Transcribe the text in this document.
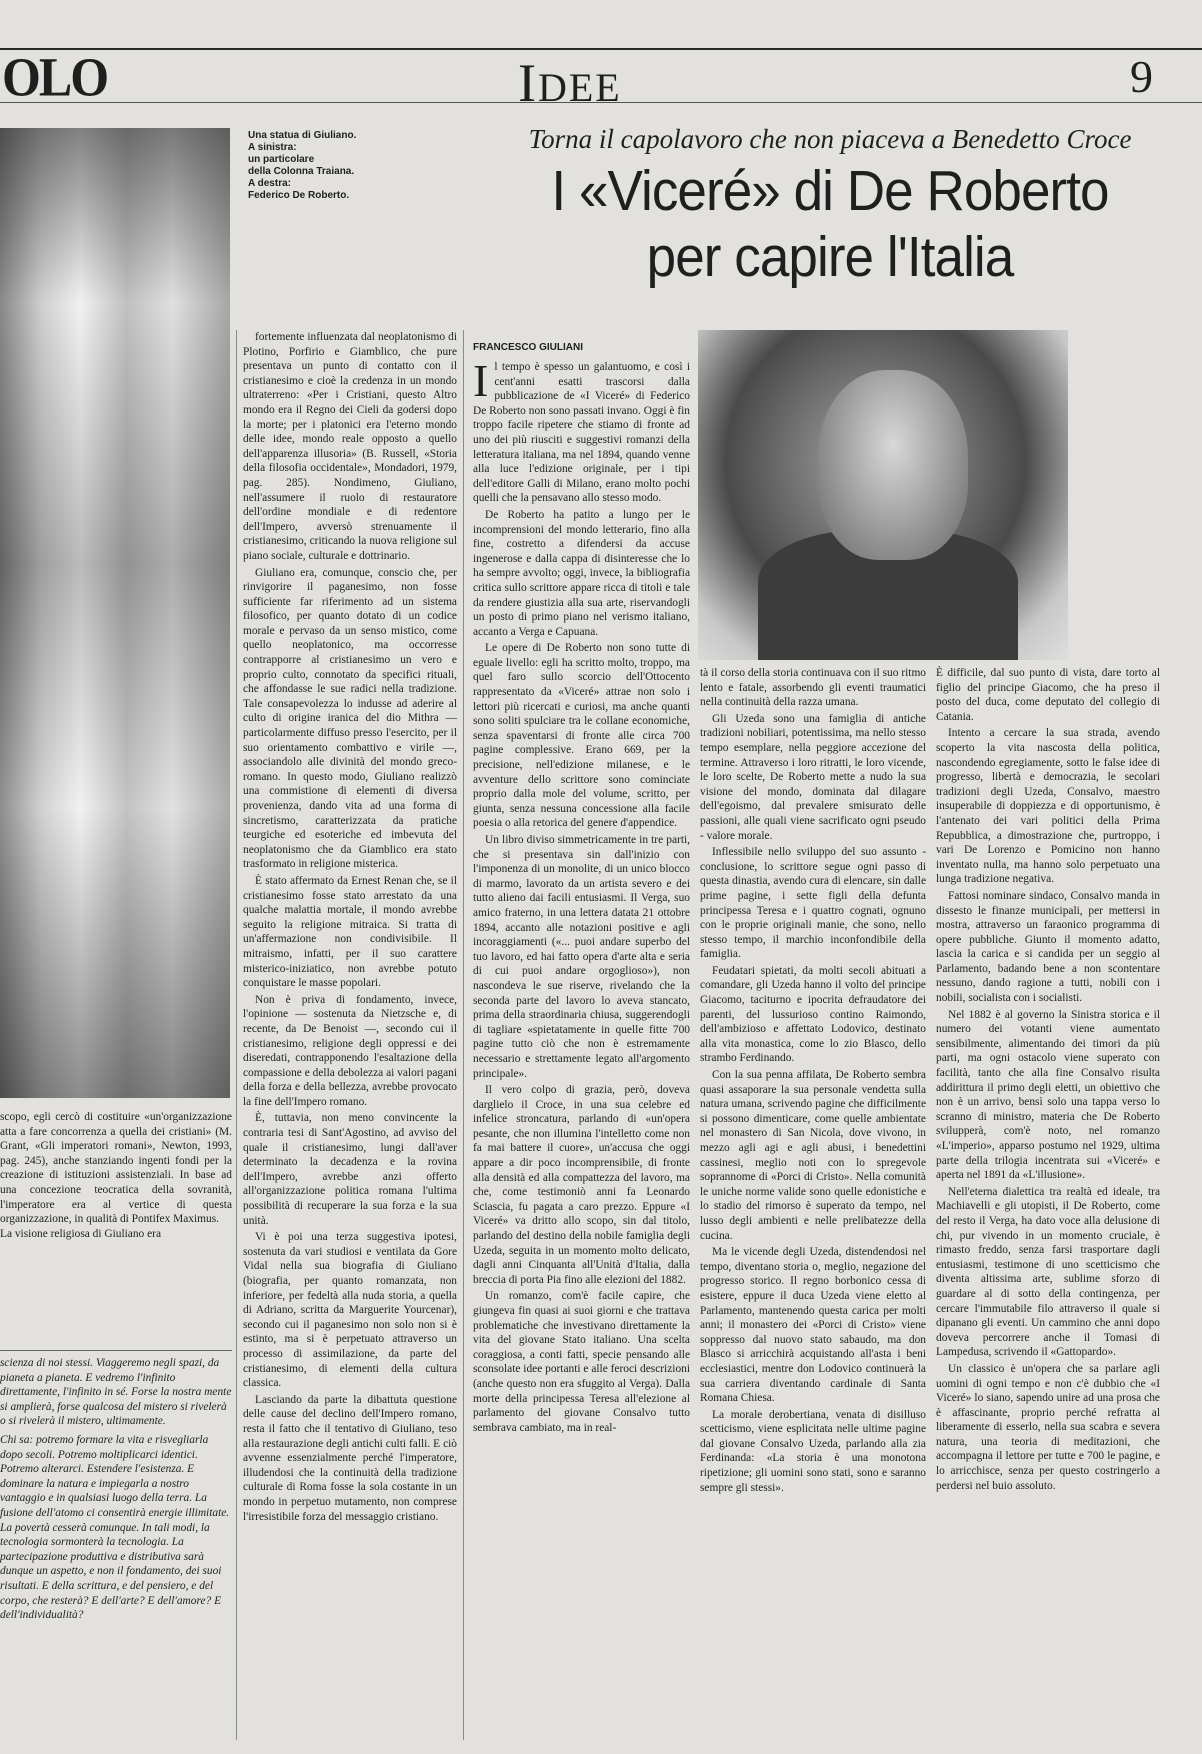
OLO	IDEE	9
Una statua di Giuliano.
A sinistra:
un particolare
della Colonna Traiana.
A destra:
Federico De Roberto.
Torna il capolavoro che non piaceva a Benedetto Croce
I «Viceré» di De Roberto
per capire l'Italia
FRANCESCO GIULIANI

fortemente influenzata dal neoplatonismo di Plotino, Porfirio e Giamblico, che pure presentava un punto di contatto con il cristianesimo e cioè la credenza in un mondo ultraterreno: «Per i Cristiani, questo Altro mondo era il Regno dei Cieli da godersi dopo la morte; per i platonici era l'eterno mondo delle idee, mondo reale opposto a quello dell'apparenza illusoria» (B. Russell, «Storia della filosofia occidentale», Mondadori, 1979, pag. 285). Nondimeno, Giuliano, nell'assumere il ruolo di restauratore dell'ordine mondiale e di redentore dell'Impero, avversò strenuamente il cristianesimo, criticando la nuova religione sul piano sociale, culturale e dottrinario.

Giuliano era, comunque, conscio che, per rinvigorire il paganesimo, non fosse sufficiente far riferimento ad un sistema filosofico, per quanto dotato di un codice morale e pervaso da un senso mistico, come quello neoplatonico, ma occorresse contrapporre al cristianesimo un vero e proprio culto, connotato da specifici rituali, che affondasse le sue radici nella tradizione. Tale consapevolezza lo indusse ad aderire al culto di origine iranica del dio Mithra — particolarmente diffuso presso l'esercito, per il suo orientamento combattivo e virile —, associandolo alle divinità del mondo greco-romano. In questo modo, Giuliano realizzò una commistione di elementi di diversa provenienza, dando vita ad una forma di sincretismo, caratterizzata da pratiche teurgiche ed esoteriche ed imbevuta del neoplatonismo che da Giamblico era stato trasformato in religione misterica.

È stato affermato da Ernest Renan che, se il cristianesimo fosse stato arrestato da una qualche malattia mortale, il mondo avrebbe seguito la religione mitraica. Si tratta di un'affermazione non condivisibile. Il mitraismo, infatti, per il suo carattere misterico-iniziatico, non avrebbe potuto conquistare le masse popolari.

Non è priva di fondamento, invece, l'opinione — sostenuta da Nietzsche e, di recente, da De Benoist —, secondo cui il cristianesimo, religione degli oppressi e dei diseredati, contrapponendo l'esaltazione della compassione e della debolezza ai valori pagani della forza e della bellezza, avrebbe provocato la fine dell'Impero romano.

È, tuttavia, non meno convincente la contraria tesi di Sant'Agostino, ad avviso del quale il cristianesimo, lungi dall'aver determinato la decadenza e la rovina dell'Impero, avrebbe anzi offerto all'organizzazione politica romana l'ultima possibilità di recuperare la sua forza e la sua unità.

Vi è poi una terza suggestiva ipotesi, sostenuta da vari studiosi e ventilata da Gore Vidal nella sua biografia di Giuliano (biografia, per quanto romanzata, non inferiore, per fedeltà alla nuda storia, a quella di Adriano, scritta da Marguerite Yourcenar), secondo cui il paganesimo non solo non si è estinto, ma si è perpetuato attraverso un processo di assimilazione, da parte del cristianesimo, di elementi della cultura classica.

Lasciando da parte la dibattuta questione delle cause del declino dell'Impero romano, resta il fatto che il tentativo di Giuliano, teso alla restaurazione degli antichi culti falli. E ciò avvenne essenzialmente perché l'imperatore, illudendosi che la continuità della tradizione culturale di Roma fosse la sola costante in un mondo in perpetuo mutamento, non comprese l'irresistibile forza del messaggio cristiano.

scopo, egli cercò di costituire «un'organizzazione atta a fare concorrenza a quella dei cristiani» (M. Grant, «Gli imperatori romani», Newton, 1993, pag. 245), anche stanziando ingenti fondi per la creazione di istituzioni assistenziali. In base ad una concezione teocratica della sovranità, l'imperatore era al vertice di questa organizzazione, in qualità di Pontifex Maximus.

La visione religiosa di Giuliano era

scienza di noi stessi. Viaggeremo negli spazi, da pianeta a pianeta. E vedremo l'infinito direttamente, l'infinito in sé. Forse la nostra mente si amplierà, forse qualcosa del mistero si rivelerà o si rivelerà il mistero, ultimamente.

Chi sa: potremo formare la vita e risvegliarla dopo secoli. Potremo moltiplicarci identici. Potremo alterarci. Estendere l'esistenza. E dominare la natura e impiegarla a nostro vantaggio e in qualsiasi luogo della terra. La fusione dell'atomo ci consentirà energie illimitate. La povertà cesserà comunque. In tali modi, la tecnologia sormonterà la tecnologia. La partecipazione produttiva e distributiva sarà dunque un aspetto, e non il fondamento, dei suoi risultati. E della scrittura, e del pensiero, e del corpo, che resterà? E dell'arte? E dell'amore? E dell'individualità?

I l tempo è spesso un galantuomo, e così i cent'anni esatti trascorsi dalla pubblicazione de «I Viceré» di Federico De Roberto non sono passati invano. Oggi è fin troppo facile ripetere che stiamo di fronte ad uno dei più riusciti e suggestivi romanzi della letteratura italiana, ma nel 1894, quando venne alla luce l'edizione originale, per i tipi dell'editore Galli di Milano, erano molto pochi quelli che la pensavano allo stesso modo.

De Roberto ha patito a lungo per le incomprensioni del mondo letterario, fino alla fine, costretto a difendersi da accuse ingenerose e dalla cappa di disinteresse che lo ha sempre avvolto; oggi, invece, la bibliografia critica sullo scrittore appare ricca di titoli e tale da rendere giustizia alla sua arte, riservandogli un posto di primo piano nel verismo italiano, accanto a Verga e Capuana.

Le opere di De Roberto non sono tutte di eguale livello: egli ha scritto molto, troppo, ma quel faro sullo scorcio dell'Ottocento rappresentato da «Viceré» attrae non solo i lettori più ricercati e curiosi, ma anche quanti sono soliti spulciare tra le collane economiche, senza spaventarsi di fronte alle circa 700 pagine complessive. Erano 669, per la precisione, nell'edizione milanese, e le avventure dello scrittore sono cominciate proprio dalla mole del volume, scritto, per giunta, senza nessuna concessione alla facile poesia o alla retorica del genere d'appendice.

Un libro diviso simmetricamente in tre parti, che si presentava sin dall'inizio con l'imponenza di un monolite, di un unico blocco di marmo, lavorato da un artista severo e dei tutto alieno dai facili entusiasmi. Il Verga, suo amico fraterno, in una lettera datata 21 ottobre 1894, accanto alle notazioni positive e agli incoraggiamenti («... puoi andare superbo del tuo lavoro, ed hai fatto opera d'arte alta e seria di cui puoi andare orgoglioso»), non nascondeva le sue riserve, rivelando che la seconda parte del lavoro lo aveva stancato, prima della straordinaria chiusa, suggerendogli di tagliare «spietatamente in quelle fitte 700 pagine tutto ciò che non è estremamente necessario e strettamente legato all'argomento principale».

Il vero colpo di grazia, però, doveva darglielo il Croce, in una sua celebre ed infelice stroncatura, parlando di «un'opera pesante, che non illumina l'intelletto come non fa mai battere il cuore», un'accusa che oggi appare a dir poco incomprensibile, di fronte alla densità ed alla compattezza del lavoro, ma che, come testimoniò anni fa Leonardo Sciascia, fu pagata a caro prezzo. Eppure «I Viceré» va dritto allo scopo, sin dal titolo, parlando del destino della nobile famiglia degli Uzeda, seguita in un momento molto delicato, dagli anni Cinquanta all'Unità d'Italia, dalla breccia di porta Pia fino alle elezioni del 1882.

Un romanzo, com'è facile capire, che giungeva fin quasi ai suoi giorni e che trattava problematiche che investivano direttamente la vita del giovane Stato italiano. Una scelta coraggiosa, a conti fatti, specie pensando alle sconsolate idee portanti e alle feroci descrizioni (anche questo non era sfuggito al Verga). Dalla morte della principessa Teresa all'elezione al parlamento del giovane Consalvo tutto sembrava cambiato, ma in real-

tà il corso della storia continuava con il suo ritmo lento e fatale, assorbendo gli eventi traumatici nella continuità della razza umana.

Gli Uzeda sono una famiglia di antiche tradizioni nobiliari, potentissima, ma nello stesso tempo esemplare, nella peggiore accezione del termine. Attraverso i loro ritratti, le loro vicende, le loro scelte, De Roberto mette a nudo la sua visione del mondo, dominata dal dilagare dell'egoismo, dal prevalere smisurato delle passioni, alle quali viene sacrificato ogni pseudo - valore morale.

Inflessibile nello sviluppo del suo assunto - conclusione, lo scrittore segue ogni passo di questa dinastia, avendo cura di elencare, sin dalle prime pagine, i sette figli della defunta principessa Teresa e i quattro cognati, ognuno con le proprie originali manie, che sono, nello stesso tempo, il marchio inconfondibile della famiglia.

Feudatari spietati, da molti secoli abituati a comandare, gli Uzeda hanno il volto del principe Giacomo, taciturno e ipocrita defraudatore dei parenti, del lussurioso contino Raimondo, dell'ambizioso e affettato Lodovico, destinato alla vita monastica, come lo zio Blasco, dello strambo Ferdinando.

Con la sua penna affilata, De Roberto sembra quasi assaporare la sua personale vendetta sulla natura umana, scrivendo pagine che difficilmente si possono dimenticare, come quelle ambientate nel monastero di San Nicola, dove vivono, in mezzo agli agi e agli abusi, i benedettini cassinesi, meglio noti con lo spregevole soprannome di «Porci di Cristo». Nella comunità le uniche norme valide sono quelle edonistiche e lo stadio del rimorso è superato da tempo, nel lusso degli ambienti e nelle prelibatezze della cucina.

Ma le vicende degli Uzeda, distendendosi nel tempo, diventano storia o, meglio, negazione del progresso storico. Il regno borbonico cessa di esistere, eppure il duca Uzeda viene eletto al Parlamento, mantenendo questa carica per molti anni; il monastero dei «Porci di Cristo» viene soppresso dal nuovo stato sabaudo, ma don Blasco si arricchirà acquistando all'asta i beni ecclesiastici, mentre don Lodovico continuerà la sua carriera diventando cardinale di Santa Romana Chiesa.

La morale derobertiana, venata di disilluso scetticismo, viene esplicitata nelle ultime pagine dal giovane Consalvo Uzeda, parlando alla zia Ferdinanda: «La storia è una monotona ripetizione; gli uomini sono stati, sono e saranno sempre gli stessi».

È difficile, dal suo punto di vista, dare torto al figlio del principe Giacomo, che ha preso il posto del duca, come deputato del collegio di Catania.

Intento a cercare la sua strada, avendo scoperto la vita nascosta della politica, nascondendo egregiamente, sotto le false idee di progresso, libertà e democrazia, le secolari tradizioni degli Uzeda, Consalvo, maestro insuperabile di doppiezza e di opportunismo, è l'antenato dei vari politici della Prima Repubblica, a dimostrazione che, purtroppo, i vari De Lorenzo e Pomicino non hanno inventato nulla, ma hanno solo perpetuato una lunga tradizione negativa.

Fattosi nominare sindaco, Consalvo manda in dissesto le finanze municipali, per mettersi in mostra, attraverso un faraonico programma di opere pubbliche. Giunto il momento adatto, lascia la carica e si candida per un seggio al Parlamento, badando bene a non scontentare nessuno, dando ragione a tutti, nobili con i nobili, socialista con i socialisti.

Nel 1882 è al governo la Sinistra storica e il numero dei votanti viene aumentato sensibilmente, alimentando dei timori da più parti, ma ogni ostacolo viene superato con facilità, tanto che alla fine Consalvo risulta addirittura il primo degli eletti, un obiettivo che non è un arrivo, bensì solo una tappa verso lo scranno di ministro, materia che De Roberto svilupperà, com'è noto, nel romanzo «L'imperio», apparso postumo nel 1929, ultima parte della trilogia incentrata sui «Viceré» e aperta nel 1891 da «L'illusione».

Nell'eterna dialettica tra realtà ed ideale, tra Machiavelli e gli utopisti, il De Roberto, come del resto il Verga, ha dato voce alla delusione di chi, pur vivendo in un momento cruciale, è rimasto freddo, senza farsi trasportare dagli entusiasmi, testimone di uno scetticismo che diventa altissima arte, sublime sforzo di guardare al di sotto della contingenza, per cercare l'immutabile filo attraverso il quale si dipanano gli eventi. Un cammino che anni dopo doveva percorrere anche il Tomasi di Lampedusa, scrivendo il «Gattopardo».

Un classico è un'opera che sa parlare agli uomini di ogni tempo e non c'è dubbio che «I Viceré» lo siano, sapendo unire ad una prosa che è affascinante, proprio perché refratta al liberamente di esserlo, nella sua scabra e severa natura, una teoria di meditazioni, che accompagna il lettore per tutte e 700 le pagine, e lo arricchisce, senza per questo costringerlo a perdersi nel buio assoluto.
